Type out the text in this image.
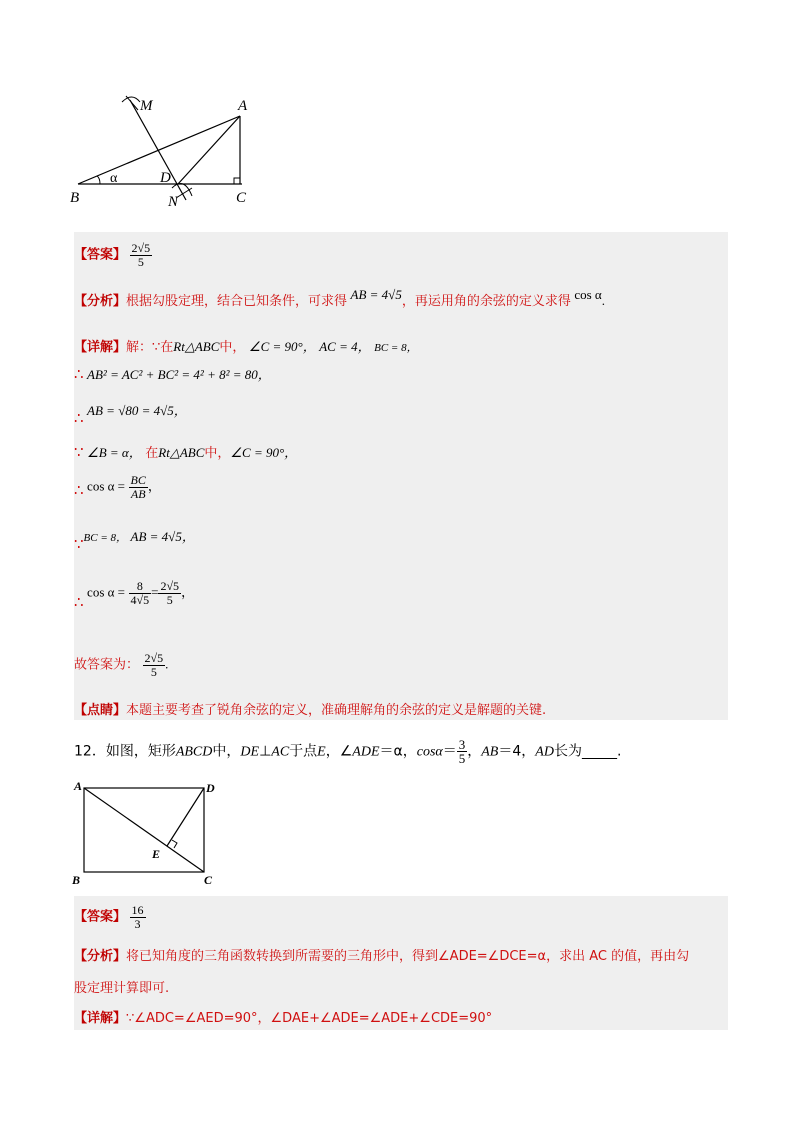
M	A
B
D
N	C
α
【答案】 $\frac{2√5}{5}$
【分析】根据勾股定理，结合已知条件，可求得 AB = 4√5，再运用角的余弦的定义求得 cos α.
【详解】解：∵在Rt△ABC中， ∠C = 90°， AC = 4， BC = 8，
∴ AB² = AC² + BC² = 4² + 8² = 80，
∴ AB = √80 = 4√5，
∵ ∠B = α， 在Rt△ABC中，∠C = 90°，
∴ $\cos \alpha = \frac{BC}{AB}$ ，
∵BC = 8， AB = 4√5，
∴ $\cos \alpha = \frac{8}{4√5} = \frac{2√5}{5}$ ，
故答案为： $\frac{2√5}{5}$ .
【点睛】本题主要考查了锐角余弦的定义，准确理解角的余弦的定义是解题的关键.
12．如图，矩形ABCD中，DE⊥AC于点E，∠ADE＝α，$\cos\alpha= \frac{3}{5}$ ，AB＝4，AD长为_____.
A	D
B	C
E
【答案】 $\frac{16}{3}$
【分析】将已知角度的三角函数转换到所需要的三角形中，得到∠ADE=∠DCE=α，求出 AC 的值，再由勾
股定理计算即可.
【详解】∵∠ADC=∠AED=90°，∠DAE+∠ADE=∠ADE+∠CDE=90°
